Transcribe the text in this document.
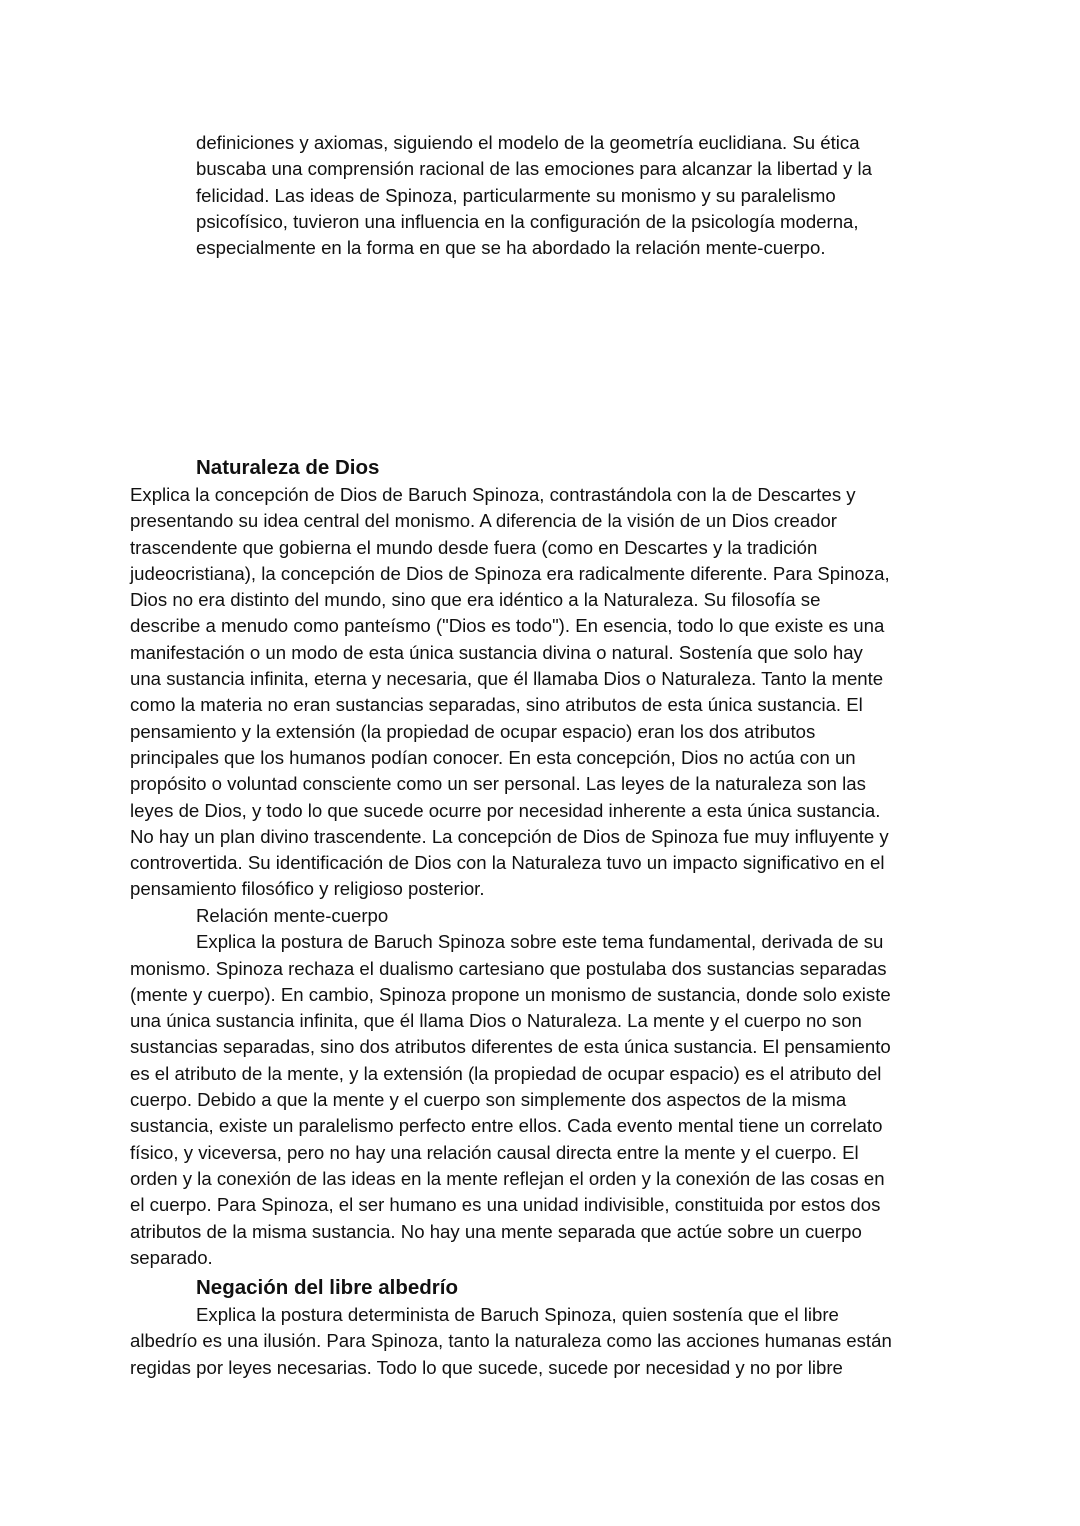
definiciones y axiomas, siguiendo el modelo de la geometría euclidiana. Su ética
buscaba una comprensión racional de las emociones para alcanzar la libertad y la
felicidad. Las ideas de Spinoza, particularmente su monismo y su paralelismo
psicofísico, tuvieron una influencia en la configuración de la psicología moderna,
especialmente en la forma en que se ha abordado la relación mente-cuerpo.
Naturaleza de Dios
Explica la concepción de Dios de Baruch Spinoza, contrastándola con la de Descartes y
presentando su idea central del monismo. A diferencia de la visión de un Dios creador
trascendente que gobierna el mundo desde fuera (como en Descartes y la tradición
judeocristiana), la concepción de Dios de Spinoza era radicalmente diferente. Para Spinoza,
Dios no era distinto del mundo, sino que era idéntico a la Naturaleza. Su filosofía se
describe a menudo como panteísmo ("Dios es todo"). En esencia, todo lo que existe es una
manifestación o un modo de esta única sustancia divina o natural. Sostenía que solo hay
una sustancia infinita, eterna y necesaria, que él llamaba Dios o Naturaleza. Tanto la mente
como la materia no eran sustancias separadas, sino atributos de esta única sustancia. El
pensamiento y la extensión (la propiedad de ocupar espacio) eran los dos atributos
principales que los humanos podían conocer. En esta concepción, Dios no actúa con un
propósito o voluntad consciente como un ser personal. Las leyes de la naturaleza son las
leyes de Dios, y todo lo que sucede ocurre por necesidad inherente a esta única sustancia.
No hay un plan divino trascendente. La concepción de Dios de Spinoza fue muy influyente y
controvertida. Su identificación de Dios con la Naturaleza tuvo un impacto significativo en el
pensamiento filosófico y religioso posterior.
Relación mente-cuerpo
Explica la postura de Baruch Spinoza sobre este tema fundamental, derivada de su
monismo. Spinoza rechaza el dualismo cartesiano que postulaba dos sustancias separadas
(mente y cuerpo). En cambio, Spinoza propone un monismo de sustancia, donde solo existe
una única sustancia infinita, que él llama Dios o Naturaleza. La mente y el cuerpo no son
sustancias separadas, sino dos atributos diferentes de esta única sustancia. El pensamiento
es el atributo de la mente, y la extensión (la propiedad de ocupar espacio) es el atributo del
cuerpo. Debido a que la mente y el cuerpo son simplemente dos aspectos de la misma
sustancia, existe un paralelismo perfecto entre ellos. Cada evento mental tiene un correlato
físico, y viceversa, pero no hay una relación causal directa entre la mente y el cuerpo. El
orden y la conexión de las ideas en la mente reflejan el orden y la conexión de las cosas en
el cuerpo. Para Spinoza, el ser humano es una unidad indivisible, constituida por estos dos
atributos de la misma sustancia. No hay una mente separada que actúe sobre un cuerpo
separado.
Negación del libre albedrío
Explica la postura determinista de Baruch Spinoza, quien sostenía que el libre
albedrío es una ilusión. Para Spinoza, tanto la naturaleza como las acciones humanas están
regidas por leyes necesarias. Todo lo que sucede, sucede por necesidad y no por libre
